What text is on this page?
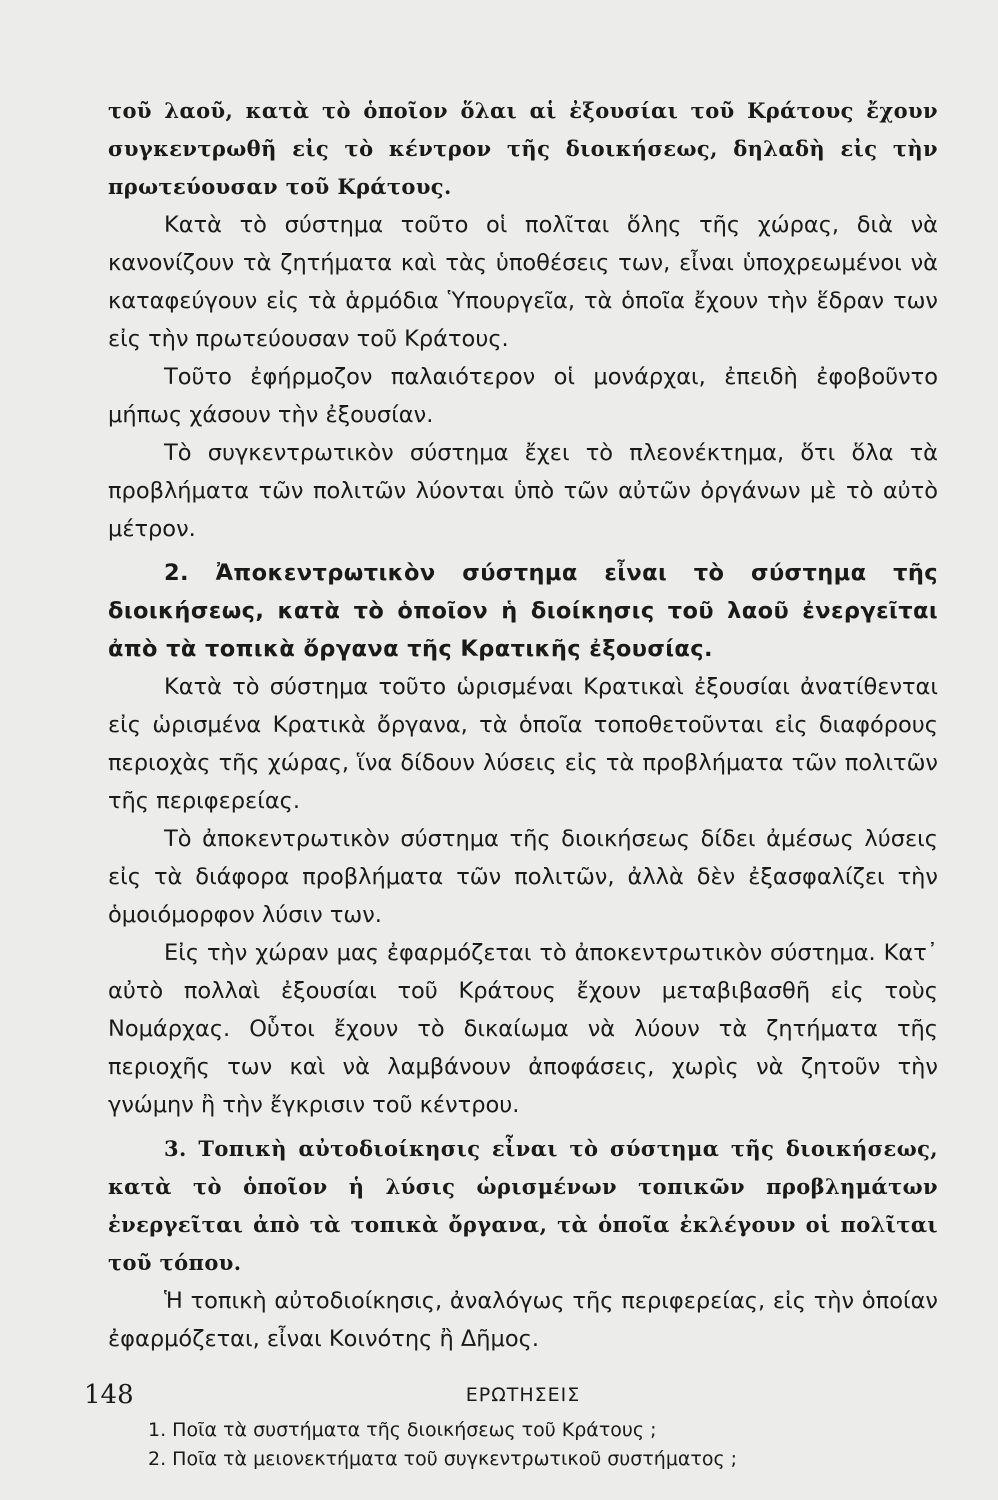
τοῦ λαοῦ, κατὰ τὸ ὁποῖον ὅλαι αἱ ἐξουσίαι τοῦ Κράτους ἔχουν συγκεντρωθῆ εἰς τὸ κέντρον τῆς διοικήσεως, δηλαδὴ εἰς τὴν πρωτεύουσαν τοῦ Κράτους.

Κατὰ τὸ σύστημα τοῦτο οἱ πολῖται ὅλης τῆς χώρας, διὰ νὰ κανονίζουν τὰ ζητήματα καὶ τὰς ὑποθέσεις των, εἶναι ὑποχρεωμένοι νὰ καταφεύγουν εἰς τὰ ἁρμόδια Ὑπουργεῖα, τὰ ὁποῖα ἔχουν τὴν ἕδραν των εἰς τὴν πρωτεύουσαν τοῦ Κράτους.

Τοῦτο ἐφήρμοζον παλαιότερον οἱ μονάρχαι, ἐπειδὴ ἐφοβοῦντο μήπως χάσουν τὴν ἐξουσίαν.

Τὸ συγκεντρωτικὸν σύστημα ἔχει τὸ πλεονέκτημα, ὅτι ὅλα τὰ προβλήματα τῶν πολιτῶν λύονται ὑπὸ τῶν αὐτῶν ὀργάνων μὲ τὸ αὐτὸ μέτρον.

2. Ἀποκεντρωτικὸν σύστημα εἶναι τὸ σύστημα τῆς διοικήσεως, κατὰ τὸ ὁποῖον ἡ διοίκησις τοῦ λαοῦ ἐνεργεῖται ἀπὸ τὰ τοπικὰ ὄργανα τῆς Κρατικῆς ἐξουσίας.

Κατὰ τὸ σύστημα τοῦτο ὡρισμέναι Κρατικαὶ ἐξουσίαι ἀνατίθενται εἰς ὡρισμένα Κρατικὰ ὄργανα, τὰ ὁποῖα τοποθετοῦνται εἰς διαφόρους περιοχὰς τῆς χώρας, ἵνα δίδουν λύσεις εἰς τὰ προβλήματα τῶν πολιτῶν τῆς περιφερείας.

Τὸ ἀποκεντρωτικὸν σύστημα τῆς διοικήσεως δίδει ἀμέσως λύσεις εἰς τὰ διάφορα προβλήματα τῶν πολιτῶν, ἀλλὰ δὲν ἐξασφαλίζει τὴν ὁμοιόμορφον λύσιν των.

Εἰς τὴν χώραν μας ἐφαρμόζεται τὸ ἀποκεντρωτικὸν σύστημα. Κατ᾽ αὐτὸ πολλαὶ ἐξουσίαι τοῦ Κράτους ἔχουν μεταβιβασθῆ εἰς τοὺς Νομάρχας. Οὗτοι ἔχουν τὸ δικαίωμα νὰ λύουν τὰ ζητήματα τῆς περιοχῆς των καὶ νὰ λαμβάνουν ἀποφάσεις, χωρὶς νὰ ζητοῦν τὴν γνώμην ἢ τὴν ἔγκρισιν τοῦ κέντρου.

3. Τοπικὴ αὐτοδιοίκησις εἶναι τὸ σύστημα τῆς διοικήσεως, κατὰ τὸ ὁποῖον ἡ λύσις ὡρισμένων τοπικῶν προβλημάτων ἐνεργεῖται ἀπὸ τὰ τοπικὰ ὄργανα, τὰ ὁποῖα ἐκλέγουν οἱ πολῖται τοῦ τόπου.

Ἡ τοπικὴ αὐτοδιοίκησις, ἀναλόγως τῆς περιφερείας, εἰς τὴν ὁποίαν ἐφαρμόζεται, εἶναι Κοινότης ἢ Δῆμος.

ΕΡΩΤΗΣΕΙΣ
1. Ποῖα τὰ συστήματα τῆς διοικήσεως τοῦ Κράτους ;
2. Ποῖα τὰ μειονεκτήματα τοῦ συγκεντρωτικοῦ συστήματος ;
148
